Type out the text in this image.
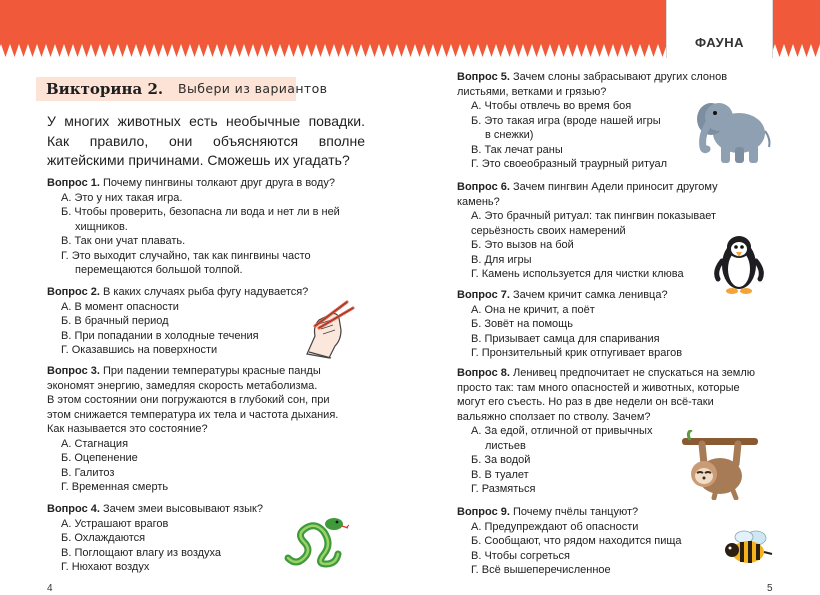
ФАУНА
Викторина 2. Выбери из вариантов
У многих животных есть необычные повадки. Как правило, они объясняются вполне житейскими причинами. Сможешь их угадать?
Вопрос 1. Почему пингвины толкают друг друга в воду?
А. Это у них такая игра.
Б. Чтобы проверить, безопасна ли вода и нет ли в ней
хищников.
В. Так они учат плавать.
Г. Это выходит случайно, так как пингвины часто
перемещаются большой толпой.
Вопрос 2. В каких случаях рыба фугу надувается?
А. В момент опасности
Б. В брачный период
В. При попадании в холодные течения
Г. Оказавшись на поверхности
Вопрос 3. При падении температуры красные панды
экономят энергию, замедляя скорость метаболизма.
В этом состоянии они погружаются в глубокий сон, при
этом снижается температура их тела и частота дыхания.
Как называется это состояние?
А. Стагнация
Б. Оцепенение
В. Галитоз
Г. Временная смерть
Вопрос 4. Зачем змеи высовывают язык?
А. Устрашают врагов
Б. Охлаждаются
В. Поглощают влагу из воздуха
Г. Нюхают воздух
Вопрос 5. Зачем слоны забрасывают других слонов
листьями, ветками и грязью?
А. Чтобы отвлечь во время боя
Б. Это такая игра (вроде нашей игры
в снежки)
В. Так лечат раны
Г. Это своеобразный траурный ритуал
Вопрос 6. Зачем пингвин Адели приносит другому
камень?
А. Это брачный ритуал: так пингвин показывает
серьёзность своих намерений
Б. Это вызов на бой
В. Для игры
Г. Камень используется для чистки клюва
Вопрос 7. Зачем кричит самка ленивца?
А. Она не кричит, а поёт
Б. Зовёт на помощь
В. Призывает самца для спаривания
Г. Пронзительный крик отпугивает врагов
Вопрос 8. Ленивец предпочитает не спускаться на землю
просто так: там много опасностей и животных, которые
могут его съесть. Но раз в две недели он всё-таки
вальяжно сползает по стволу. Зачем?
А. За едой, отличной от привычных
листьев
Б. За водой
В. В туалет
Г. Размяться
Вопрос 9. Почему пчёлы танцуют?
А. Предупреждают об опасности
Б. Сообщают, что рядом находится пища
В. Чтобы согреться
Г. Всё вышеперечисленное
4	5
